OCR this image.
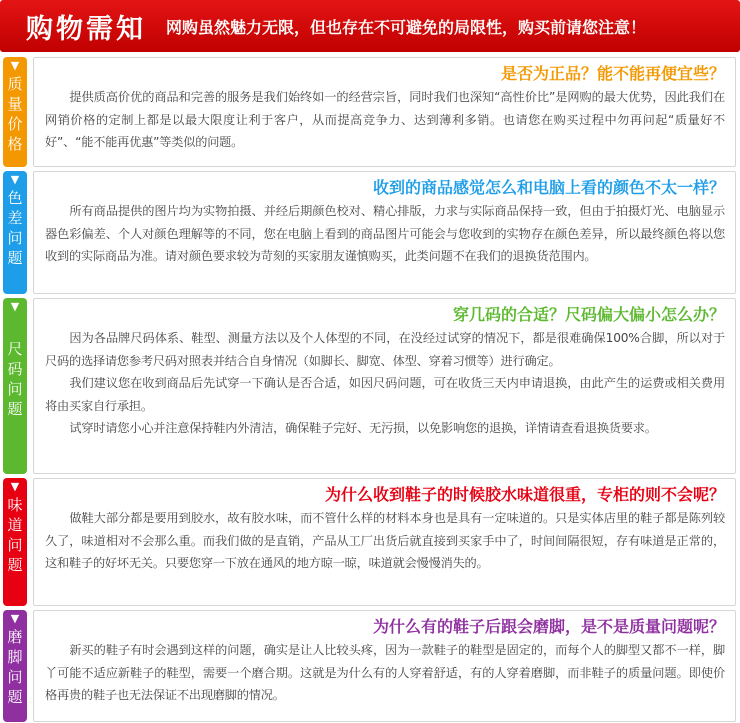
购物需知	网购虽然魅力无限，但也存在不可避免的局限性，购买前请您注意！
▼
质量价格
是否为正品？能不能再便宜些？

提供质高价优的商品和完善的服务是我们始终如一的经营宗旨，同时我们也深知“高性价比”是网购的最大优势，因此我们在网销价格的定制上都是以最大限度让利于客户，从而提高竞争力、达到薄利多销。也请您在购买过程中勿再问起“质量好不好”、“能不能再优惠”等类似的问题。

▼
色差问题
收到的商品感觉怎么和电脑上看的颜色不太一样？

所有商品提供的图片均为实物拍摄、并经后期颜色校对、精心排版，力求与实际商品保持一致，但由于拍摄灯光、电脑显示器色彩偏差、个人对颜色理解等的不同，您在电脑上看到的商品图片可能会与您收到的实物存在颜色差异，所以最终颜色将以您收到的实际商品为准。请对颜色要求较为苛刻的买家朋友谨慎购买，此类问题不在我们的退换货范围内。

▼
尺码问题
穿几码的合适？尺码偏大偏小怎么办？

因为各品牌尺码体系、鞋型、测量方法以及个人体型的不同，在没经过试穿的情况下，都是很难确保100%合脚，所以对于尺码的选择请您参考尺码对照表并结合自身情况（如脚长、脚宽、体型、穿着习惯等）进行确定。

我们建议您在收到商品后先试穿一下确认是否合适，如因尺码问题，可在收货三天内申请退换，由此产生的运费或相关费用将由买家自行承担。

试穿时请您小心并注意保持鞋内外清洁，确保鞋子完好、无污损，以免影响您的退换，详情请查看退换货要求。

▼
味道问题
为什么收到鞋子的时候胶水味道很重，专柜的则不会呢？

做鞋大部分都是要用到胶水，故有胶水味，而不管什么样的材料本身也是具有一定味道的。只是实体店里的鞋子都是陈列较久了，味道相对不会那么重。而我们做的是直销，产品从工厂出货后就直接到买家手中了，时间间隔很短，存有味道是正常的，这和鞋子的好坏无关。只要您穿一下放在通风的地方晾一晾，味道就会慢慢消失的。

▼
磨脚问题
为什么有的鞋子后跟会磨脚，是不是质量问题呢？

新买的鞋子有时会遇到这样的问题，确实是让人比较头疼，因为一款鞋子的鞋型是固定的，而每个人的脚型又都不一样，脚丫可能不适应新鞋子的鞋型，需要一个磨合期。这就是为什么有的人穿着舒适，有的人穿着磨脚，而非鞋子的质量问题。即使价格再贵的鞋子也无法保证不出现磨脚的情况。
